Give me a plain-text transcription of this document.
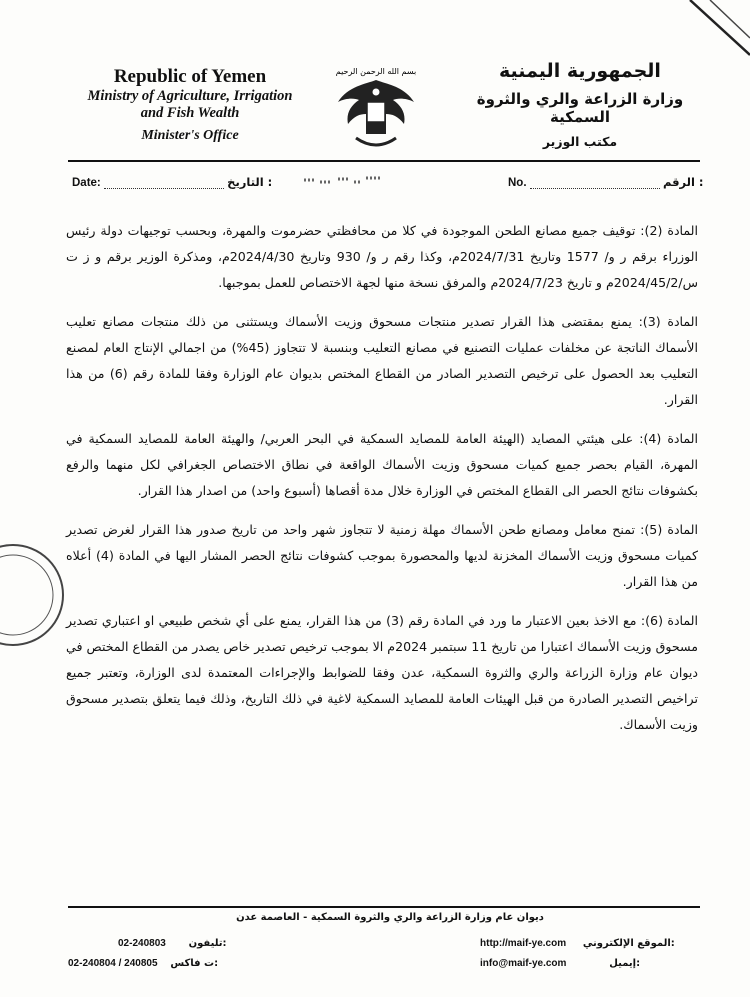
Republic of Yemen
Ministry of Agriculture, Irrigation
and Fish Wealth
Minister's Office
بسم الله الرحمن الرحيم	الجمهورية اليمنية
وزارة الزراعة والري والثروة السمكية
مكتب الوزير
Date:	التاريخ :	No.	الرقم :

المادة (2): توقيف جميع مصانع الطحن الموجودة في كلا من محافظتي حضرموت والمهرة، وبحسب توجيهات دولة رئيس الوزراء برقم ر و/ 1577 وتاريخ 2024/7/31م، وكذا رقم ر و/ 930 وتاريخ 2024/4/30م، ومذكرة الوزير برقم و ز ت س/2024/45/2م و تاريخ 2024/7/23م والمرفق نسخة منها لجهة الاختصاص للعمل بموجبها.

المادة (3): يمنع بمقتضى هذا القرار تصدير منتجات مسحوق وزيت الأسماك ويستثنى من ذلك منتجات مصانع تعليب الأسماك الناتجة عن مخلفات عمليات التصنيع في مصانع التعليب وبنسبة لا تتجاوز (45%) من اجمالي الإنتاج العام لمصنع التعليب بعد الحصول على ترخيص التصدير الصادر من القطاع المختص بديوان عام الوزارة وفقا للمادة رقم (6) من هذا القرار.

المادة (4): على هيئتي المصايد (الهيئة العامة للمصايد السمكية في البحر العربي/ والهيئة العامة للمصايد السمكية في المهرة، القيام بحصر جميع كميات مسحوق وزيت الأسماك الواقعة في نطاق الاختصاص الجغرافي لكل منهما والرفع بكشوفات نتائج الحصر الى القطاع المختص في الوزارة خلال مدة أقصاها (أسبوع واحد) من اصدار هذا القرار.

المادة (5): تمنح معامل ومصانع طحن الأسماك مهلة زمنية لا تتجاوز شهر واحد من تاريخ صدور هذا القرار لغرض تصدير كميات مسحوق وزيت الأسماك المخزنة لديها والمحصورة بموجب كشوفات نتائج الحصر المشار اليها في المادة (4) أعلاه من هذا القرار.

المادة (6): مع الاخذ بعين الاعتبار ما ورد في المادة رقم (3) من هذا القرار، يمنع على أي شخص طبيعي او اعتباري تصدير مسحوق وزيت الأسماك اعتبارا من تاريخ 11 سبتمبر 2024م الا بموجب ترخيص تصدير خاص يصدر من القطاع المختص في ديوان عام وزارة الزراعة والري والثروة السمكية، عدن وفقا للضوابط والإجراءات المعتمدة لدى الوزارة، وتعتبر جميع تراخيص التصدير الصادرة من قبل الهيئات العامة للمصايد السمكية لاغية في ذلك التاريخ، وذلك فيما يتعلق بتصدير مسحوق وزيت الأسماك.

ديوان عام وزارة الزراعة والري والثروة السمكية - العاصمة عدن
02-240803 تليفون:
02-240804 / 240805 ت فاكس:
http://maif-ye.com الموقع الإلكتروني:
info@maif-ye.com	إيميل:
